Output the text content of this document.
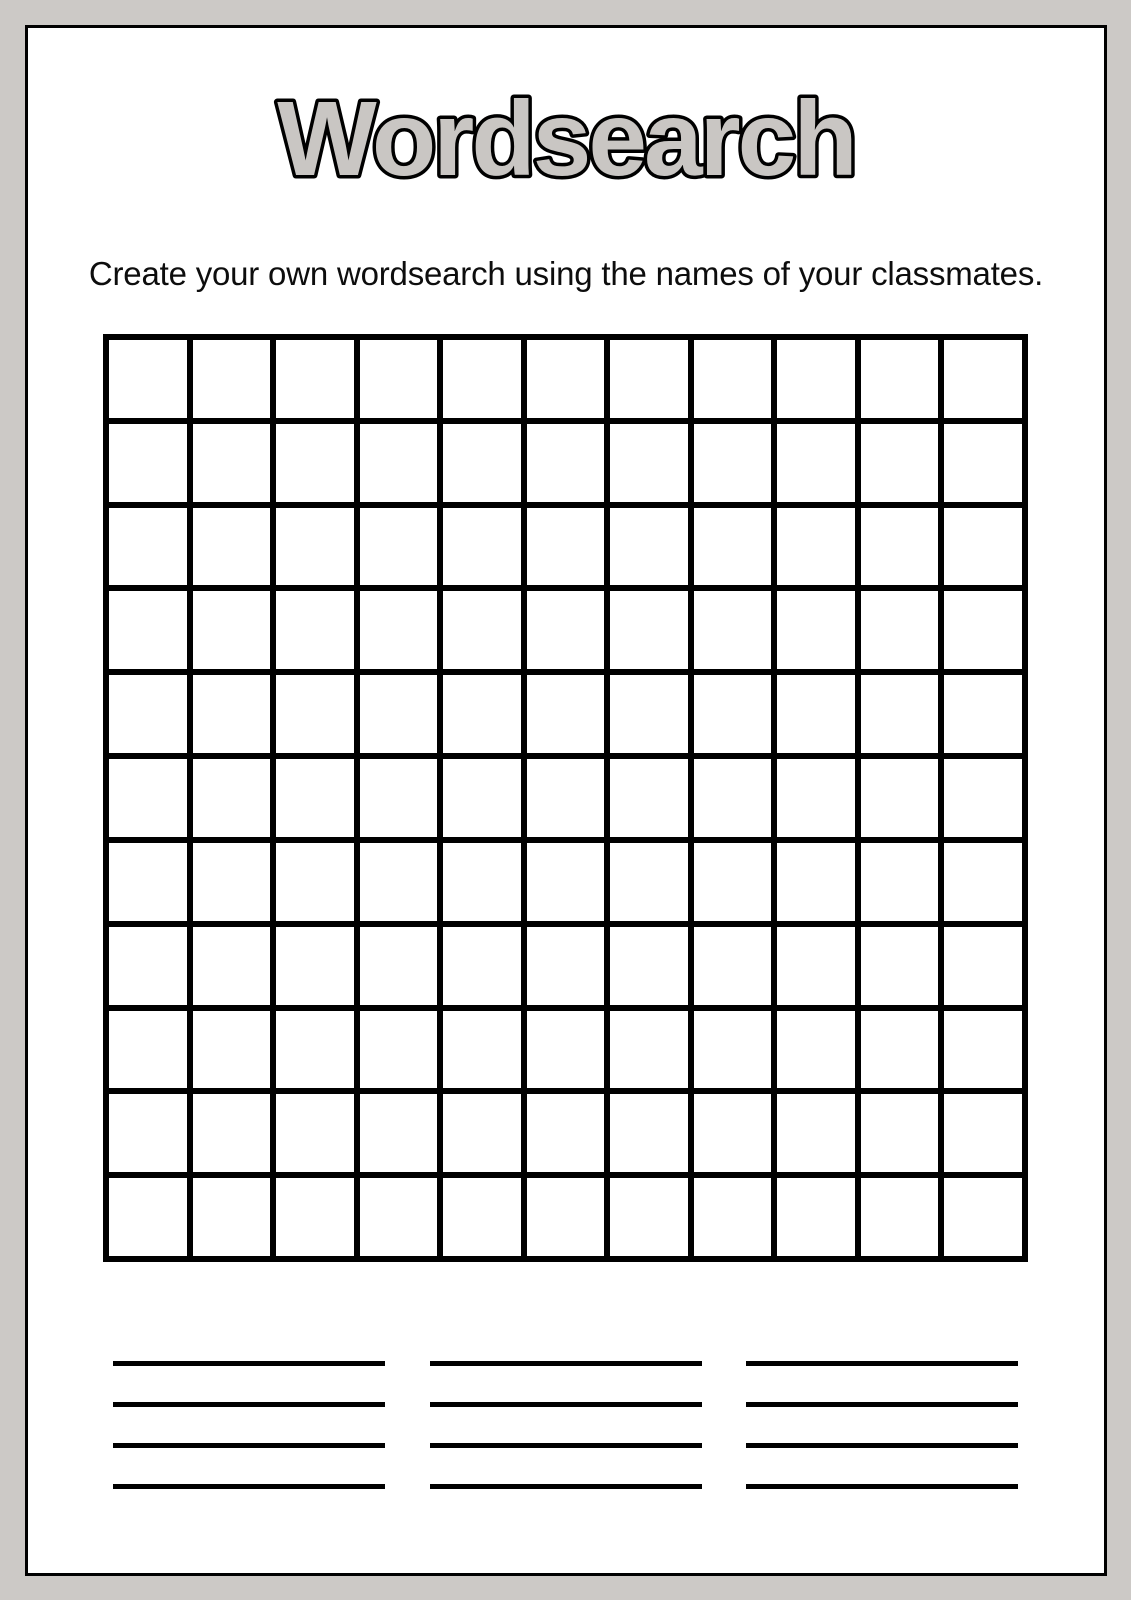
Wordsearch

Create your own wordsearch using the names of your classmates.
